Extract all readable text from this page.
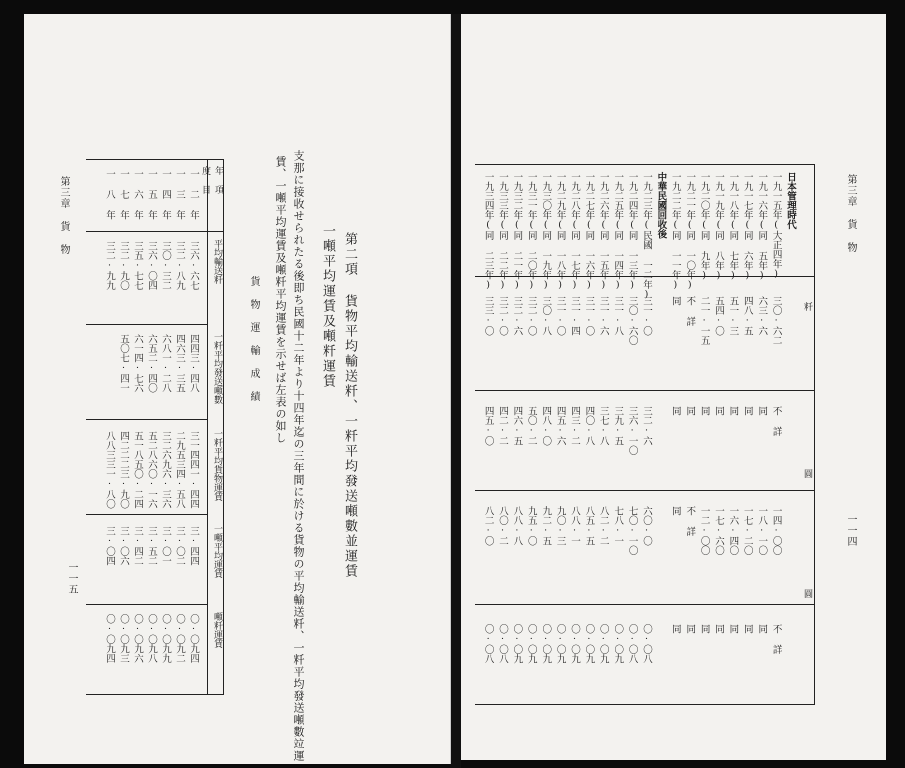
第三章 貨 物
一一五
年 項
度 目
平均輸送粁
一粁平均發送噸數
一粁平均貨物運賃
一噸平均運賃
噸粁運賃
一 二 年
三六·六七
四四三·四八
三一四四一·四四
三·四四
〇·〇九四
一 三 年
三二·八九
四六三·三五
二九五三四·五八
三·〇二
〇·〇九二
一 四 年
三〇·三二
六八一·二八
三二六九六·三六
三·〇一
〇·〇九九
一 五 年
三六·〇四
六五二·四〇
五二八六〇·一六
三·五二
〇·〇九八
一 六 年
三五·七七
六一四·七六
五一八五〇·二四
三·四二
〇·〇九六
一 七 年
三二·九〇
五〇七·四一
四二二二三·九〇
三·〇六
〇·〇九三
一 八 年
三二·九九
八八三三一·八〇
三·〇四
〇·〇九四
貨 物 運 輸 成 績 賃、一噸平均運賃及噸粁平均運賃を示せば左表の如し 支那に接收せられたる後即ち民國十二年より十四年迄の三年間に於ける貨物の平均輸送粁、一粁平均發送噸數竝運 一噸平均運賃及噸粁運賃 第二項 貨物平均輸送粁、一粁平均發送噸數並運賃
第三章 貨 物
一一四
粁
圓
圓
日本管理時代
一九一五年(大正四年)
三〇·六二
不 詳
一四·〇〇
不 詳
一九一六年(同 五年)
六三·六
同
一八·一〇
同
一九一七年(同 六年)
四八·五
同
一七·二〇
同
一九一八年(同 七年)
五一·三
同
一六·四〇
同
一九一九年(同 八年)
五四·〇
同
一七·六〇
同
一九二〇年(同 九年)
二一·一五
同
一二·〇〇
同
一九二一年(同 一〇年)
不 詳
同
不 詳
同
一九二二年(同 一一年)
同
同
同
同
中華民國回收後
一九二三年(民國 一二年)
三一·〇
三二·六
六〇·〇
〇·〇八
一九二四年(同 一三年)
三〇·六〇
三六·一〇
七〇·一〇
〇·〇八
一九二五年(同 一四年)
三一·八
三九·五
七八·一
〇·〇九
一九二六年(同 一五年)
三一·六
三七·八
八二·二
〇·〇九
一九二七年(同 一六年)
三一·〇
四〇·八
八五·五
〇·〇九
一九二八年(同 一七年)
三一·四
四三·二
八八·一
〇·〇九
一九二九年(同 一八年)
三一·〇
四五·六
九〇·三
〇·〇九
一九三〇年(同 一九年)
三〇·八
四八·〇
九二·五
〇·〇九
一九三一年(同 二〇年)
三二·〇
五〇·二
九五·〇
〇·〇九
一九三二年(同 二一年)
三二·六
四六·五
八八·八
〇·〇九
一九三三年(同 二二年)
三二·〇
四二·二
八〇·二
〇·〇八
一九三四年(同 二三年)
三三·〇
四五·〇
八二·〇
〇·〇八
